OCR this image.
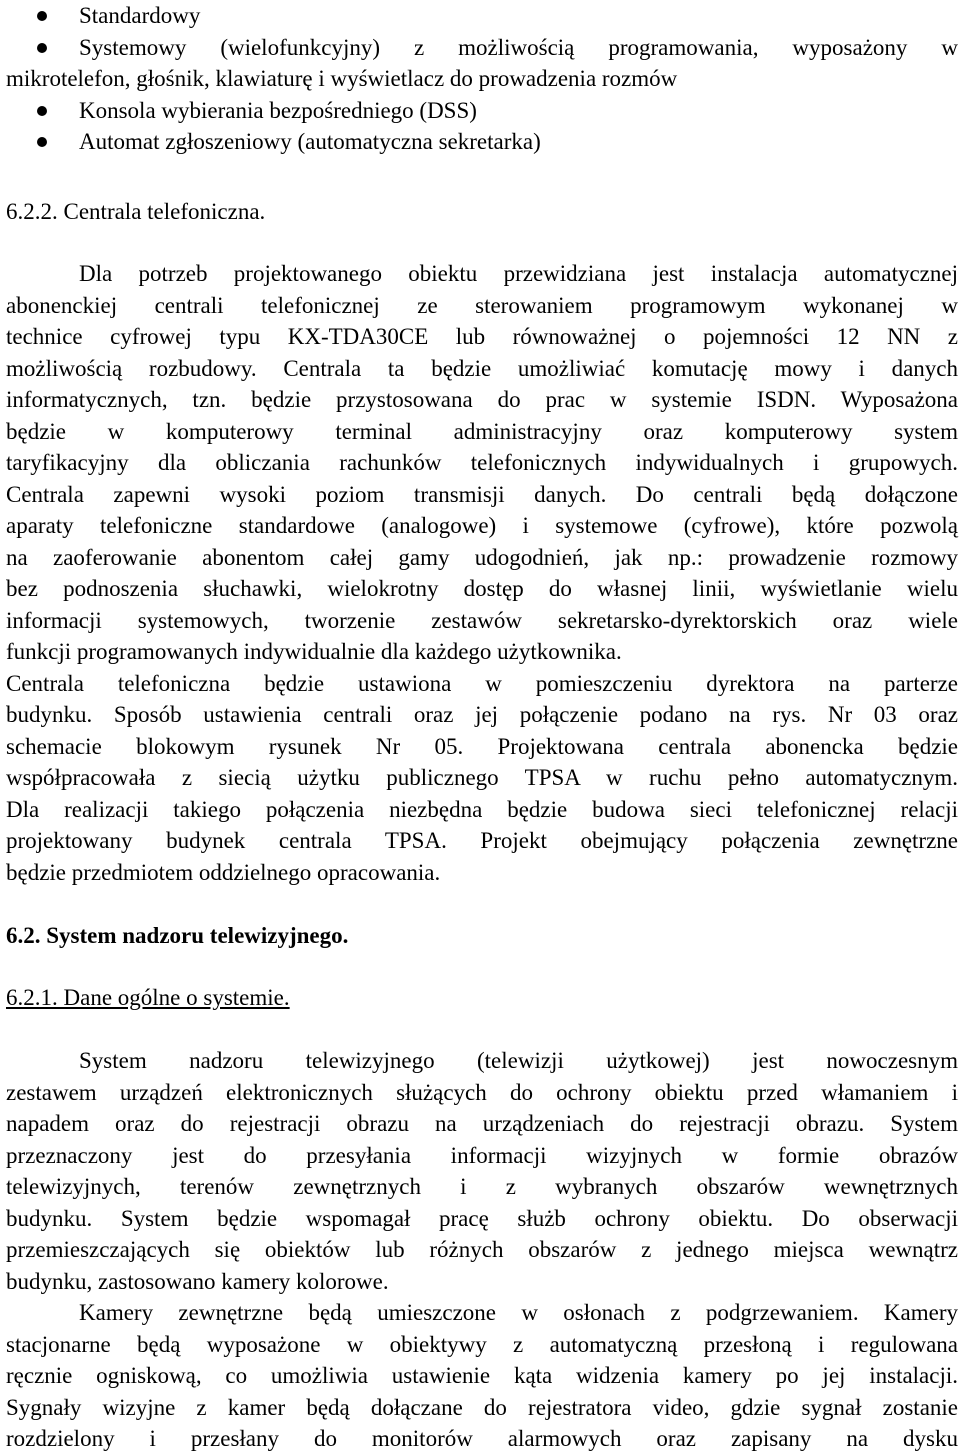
Standardowy
Systemowy (wielofunkcyjny) z możliwością programowania, wyposażony w
mikrotelefon, głośnik, klawiaturę i wyświetlacz do prowadzenia rozmów
Konsola wybierania bezpośredniego (DSS)
Automat zgłoszeniowy (automatyczna sekretarka)
6.2.2. Centrala telefoniczna.
Dla potrzeb projektowanego obiektu przewidziana jest instalacja automatycznej
abonenckiej centrali telefonicznej ze sterowaniem programowym wykonanej w
technice cyfrowej typu KX-TDA30CE lub równoważnej o pojemności 12 NN z
możliwością rozbudowy. Centrala ta będzie umożliwiać komutację mowy i danych
informatycznych, tzn. będzie przystosowana do prac w systemie ISDN. Wyposażona
będzie w komputerowy terminal administracyjny oraz komputerowy system
taryfikacyjny dla obliczania rachunków telefonicznych indywidualnych i grupowych.
Centrala zapewni wysoki poziom transmisji danych. Do centrali będą dołączone
aparaty telefoniczne standardowe (analogowe) i systemowe (cyfrowe), które pozwolą
na zaoferowanie abonentom całej gamy udogodnień, jak np.: prowadzenie rozmowy
bez podnoszenia słuchawki, wielokrotny dostęp do własnej linii, wyświetlanie wielu
informacji systemowych, tworzenie zestawów sekretarsko-dyrektorskich oraz wiele
funkcji programowanych indywidualnie dla każdego użytkownika.
Centrala telefoniczna będzie ustawiona w pomieszczeniu dyrektora na parterze
budynku. Sposób ustawienia centrali oraz jej połączenie podano na rys. Nr 03 oraz
schemacie blokowym rysunek Nr 05. Projektowana centrala abonencka będzie
współpracowała z siecią użytku publicznego TPSA w ruchu pełno automatycznym.
Dla realizacji takiego połączenia niezbędna będzie budowa sieci telefonicznej relacji
projektowany budynek centrala TPSA. Projekt obejmujący połączenia zewnętrzne
będzie przedmiotem oddzielnego opracowania.
6.2. System nadzoru telewizyjnego.
6.2.1. Dane ogólne o systemie.
System nadzoru telewizyjnego (telewizji użytkowej) jest nowoczesnym
zestawem urządzeń elektronicznych służących do ochrony obiektu przed włamaniem i
napadem oraz do rejestracji obrazu na urządzeniach do rejestracji obrazu. System
przeznaczony jest do przesyłania informacji wizyjnych w formie obrazów
telewizyjnych, terenów zewnętrznych i z wybranych obszarów wewnętrznych
budynku. System będzie wspomagał pracę służb ochrony obiektu. Do obserwacji
przemieszczających się obiektów lub różnych obszarów z jednego miejsca wewnątrz
budynku, zastosowano kamery kolorowe.
Kamery zewnętrzne będą umieszczone w osłonach z podgrzewaniem. Kamery
stacjonarne będą wyposażone w obiektywy z automatyczną przesłoną i regulowana
ręcznie ogniskową, co umożliwia ustawienie kąta widzenia kamery po jej instalacji.
Sygnały wizyjne z kamer będą dołączane do rejestratora video, gdzie sygnał zostanie
rozdzielony i przesłany do monitorów alarmowych oraz zapisany na dysku
